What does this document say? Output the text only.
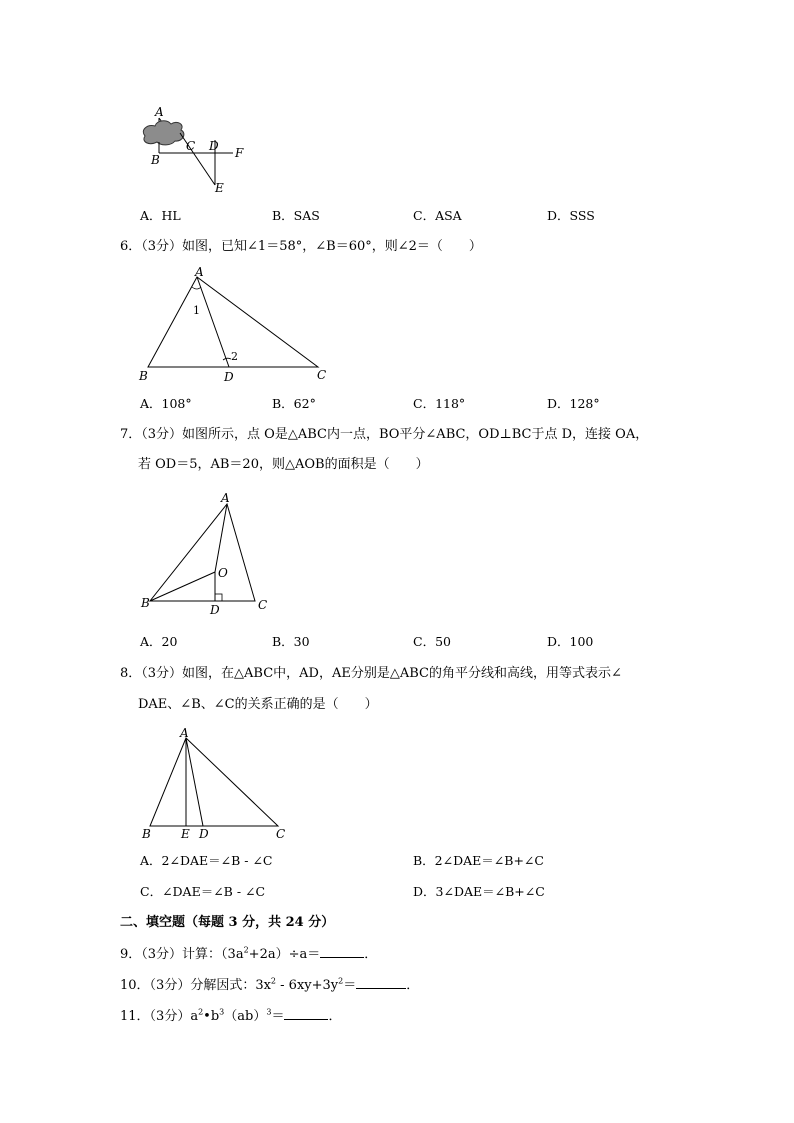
A
B
C D F
E
A．HL	B．SAS	C．ASA	D．SSS
6．（3分）如图，已知∠1＝58°，∠B＝60°，则∠2＝（　　）
A
1
2
B	D	C
A．108°	B．62°	C．118°	D．128°
7．（3分）如图所示，点 O是△ABC内一点，BO平分∠ABC，OD⊥BC于点 D，连接 OA，
若 OD＝5，AB＝20，则△AOB的面积是（　　）
A
O
B	D	C
A．20	B．30	C．50	D．100
8．（3分）如图，在△ABC中，AD，AE分别是△ABC的角平分线和高线，用等式表示∠
DAE、∠B、∠C的关系正确的是（　　）
A
B	E D	C
A．2∠DAE＝∠B - ∠C	B．2∠DAE＝∠B+∠C
C．∠DAE＝∠B - ∠C	D．3∠DAE＝∠B+∠C
二、填空题（每题 3 分，共 24 分）
9．（3分）计算：$(3a^2+2a)\div a=$	．
10．（3分）分解因式：$3x^2 - 6xy+3y^2=$	．
11．（3分）$a^2•b^3(ab)^3=$	．
